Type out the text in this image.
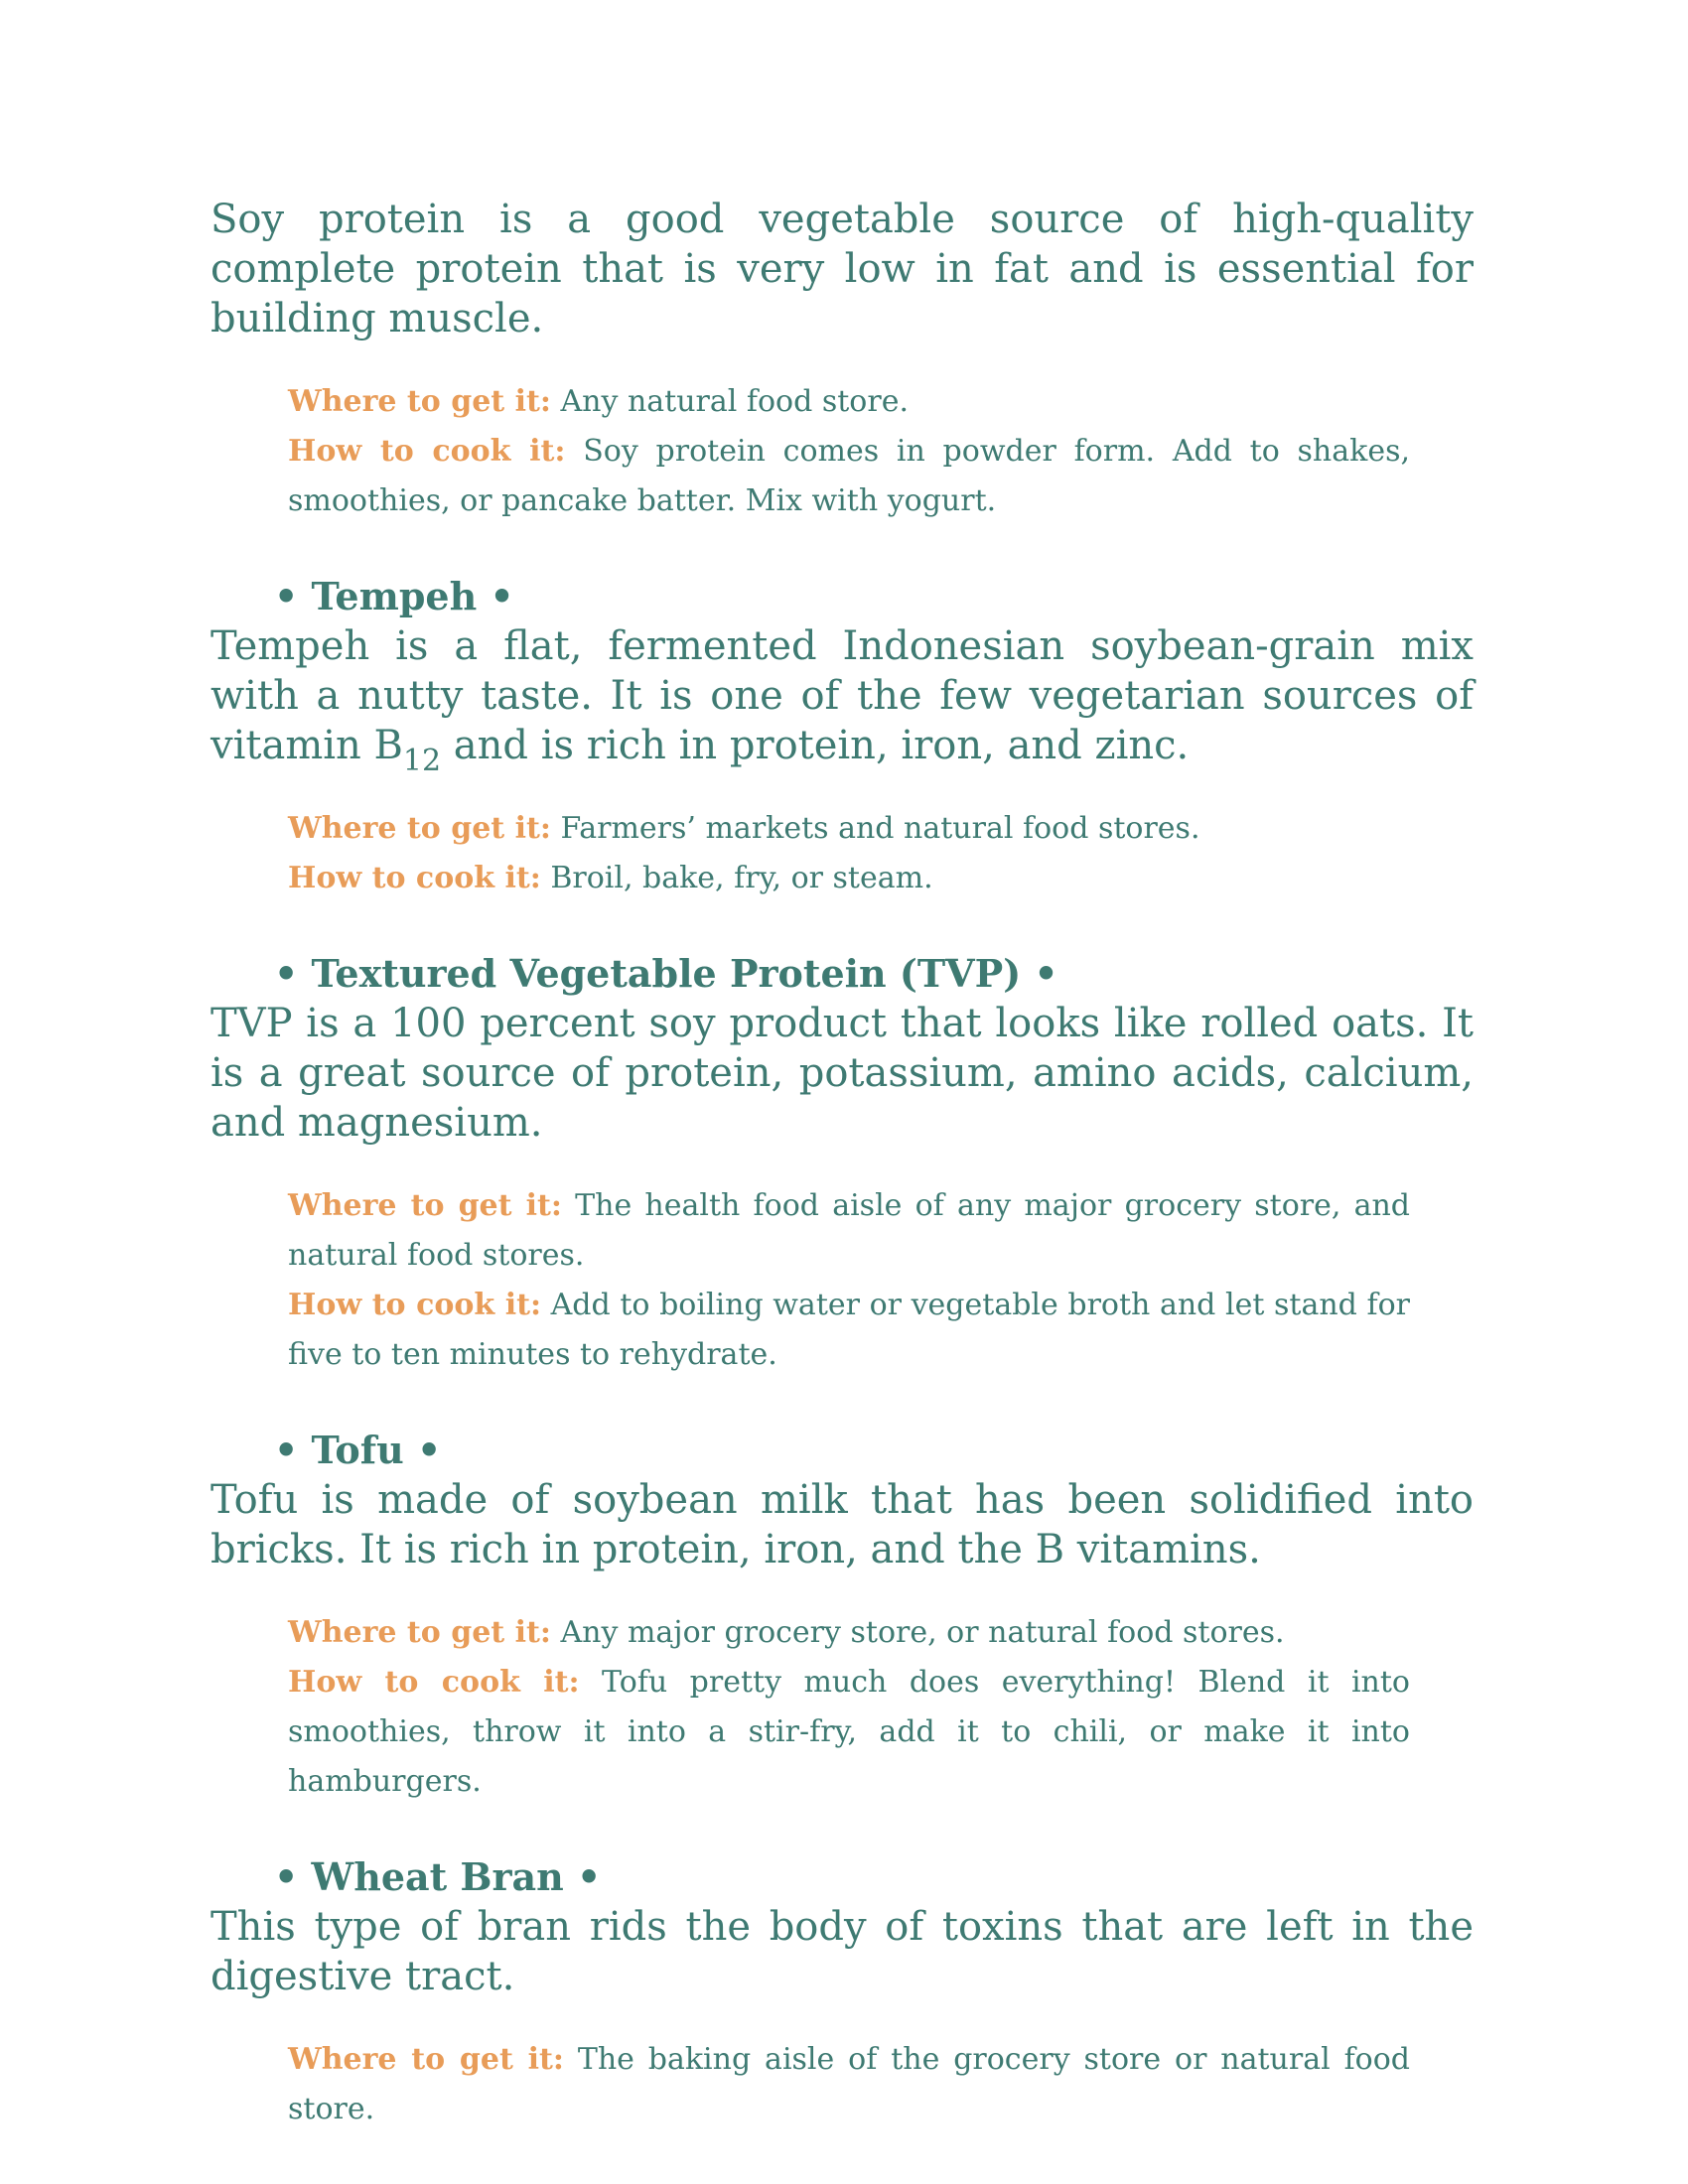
Soy protein is a good vegetable source of high-quality complete protein that is very low in fat and is essential for building muscle.

Where to get it: Any natural food store.

How to cook it: Soy protein comes in powder form. Add to shakes, smoothies, or pancake batter. Mix with yogurt.

• Tempeh •

Tempeh is a flat, fermented Indonesian soybean-grain mix with a nutty taste. It is one of the few vegetarian sources of vitamin $B_{12}$ and is rich in protein, iron, and zinc.

Where to get it: Farmers’ markets and natural food stores.

How to cook it: Broil, bake, fry, or steam.

• Textured Vegetable Protein (TVP) •

TVP is a 100 percent soy product that looks like rolled oats. It is a great source of protein, potassium, amino acids, calcium, and magnesium.

Where to get it: The health food aisle of any major grocery store, and natural food stores.

How to cook it: Add to boiling water or vegetable broth and let stand for five to ten minutes to rehydrate.

• Tofu •

Tofu is made of soybean milk that has been solidified into bricks. It is rich in protein, iron, and the B vitamins.

Where to get it: Any major grocery store, or natural food stores.

How to cook it: Tofu pretty much does everything! Blend it into smoothies, throw it into a stir-fry, add it to chili, or make it into hamburgers.

• Wheat Bran •

This type of bran rids the body of toxins that are left in the digestive tract.

Where to get it: The baking aisle of the grocery store or natural food store.
